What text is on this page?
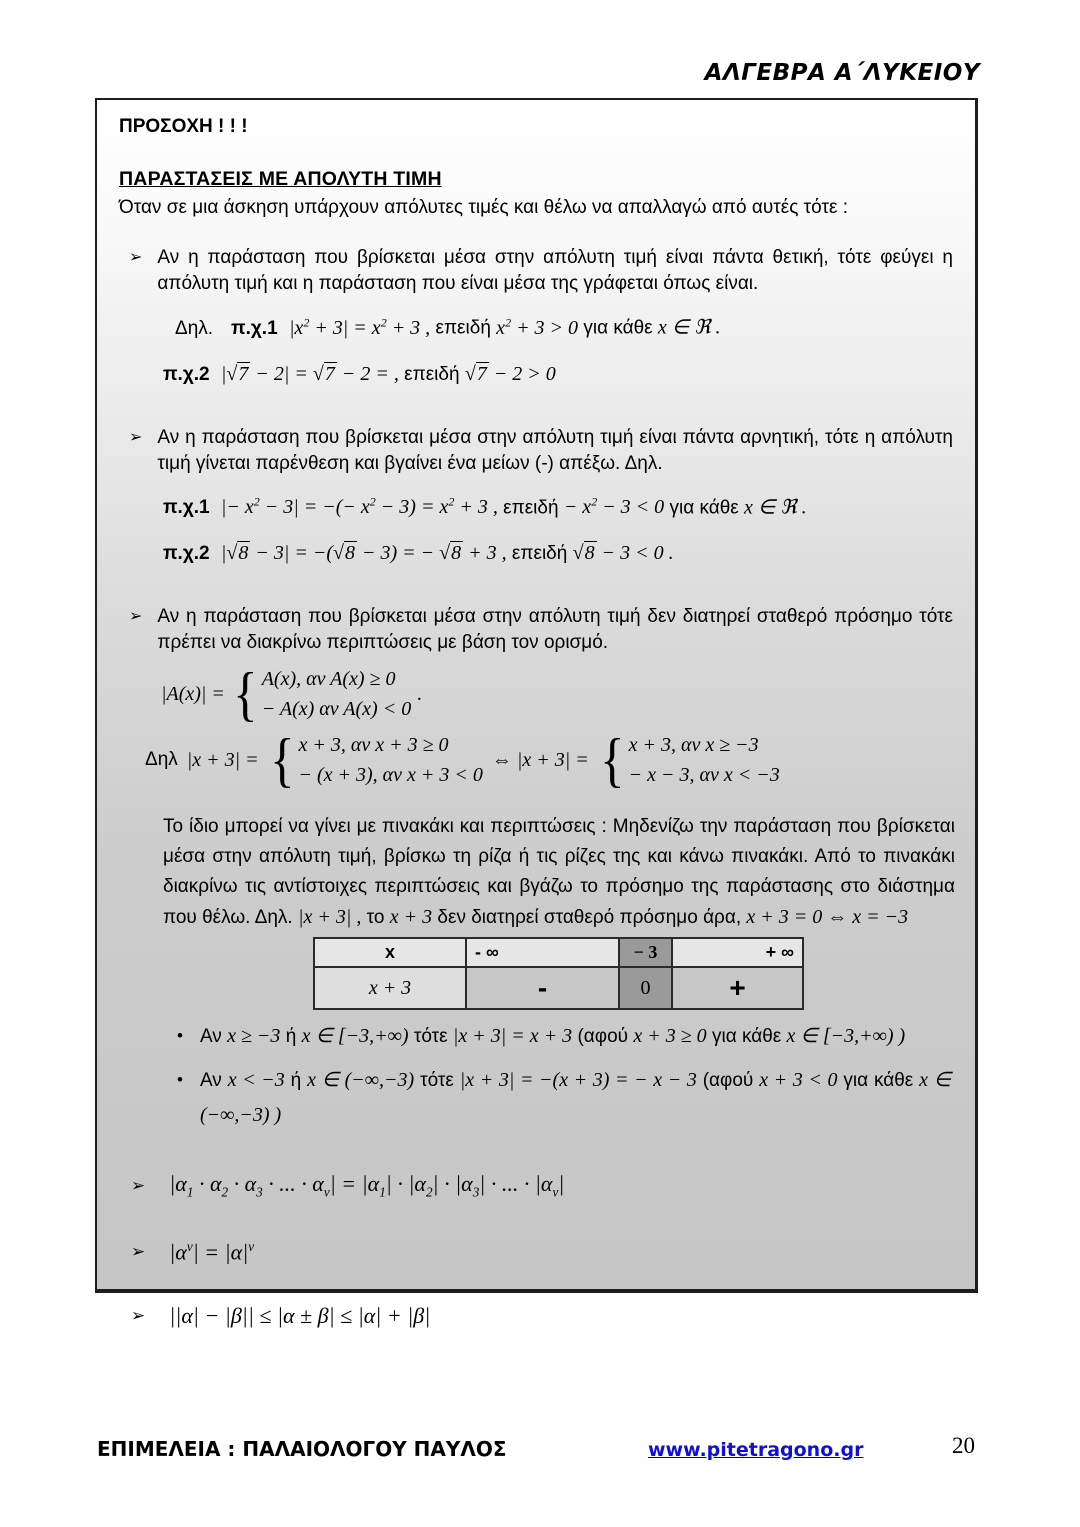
ΑΛΓΕΒΡΑ Α΄ΛΥΚΕΙΟΥ
ΠΡΟΣΟΧΗ ! ! !
ΠΑΡΑΣΤΑΣΕΙΣ ΜΕ ΑΠΟΛΥΤΗ ΤΙΜΗ
Όταν σε μια άσκηση υπάρχουν απόλυτες τιμές και θέλω να απαλλαγώ από αυτές τότε :
➢ Αν η παράσταση που βρίσκεται μέσα στην απόλυτη τιμή είναι πάντα θετική, τότε φεύγει η απόλυτη τιμή και η παράσταση που είναι μέσα της γράφεται όπως είναι.
Δηλ. π.χ.1 $|x^2 + 3| = x^2 + 3$ , επειδή $x^2 + 3 > 0$ για κάθε x ∈ ℜ .
π.χ.2 |√7 − 2| = √7 − 2 = , επειδή √7 − 2 > 0
➢ Αν η παράσταση που βρίσκεται μέσα στην απόλυτη τιμή είναι πάντα αρνητική, τότε η απόλυτη τιμή γίνεται παρένθεση και βγαίνει ένα μείων (-) απέξω. Δηλ.
π.χ.1 |− $x^2 - 3|$ = −(− $x^2 - 3) = x^2 + 3$ , $\varepsilon\pi\varepsilon\iota\delta ή - x^2 - 3 < 0$ για κάθε x ∈ ℜ .
π.χ.2 |√8 − 3| = −(√8 − 3) = − √8 + 3 , επειδή √8 − 3 < 0 .
➢ Αν η παράσταση που βρίσκεται μέσα στην απόλυτη τιμή δεν διατηρεί σταθερό πρόσημο τότε πρέπει να διακρίνω περιπτώσεις με βάση τον ορισμό.
|Α(x)| = { Α(x), αν Α(x) ≥ 0
− Α(x) αν Α(x) < 0
.
Δηλ |x + 3| = { x + 3, αν x + 3 ≥ 0
− (x + 3), αν x + 3 < 0
⇔ |x + 3| = { x + 3, αν x ≥ −3
− x − 3, αν x < −3
Το ίδιο μπορεί να γίνει με πινακάκι και περιπτώσεις : Μηδενίζω την παράσταση που βρίσκεται μέσα στην απόλυτη τιμή, βρίσκω τη ρίζα ή τις ρίζες της και κάνω πινακάκι. Από το πινακάκι διακρίνω τις αντίστοιχες περιπτώσεις και βγάζω το πρόσημο της παράστασης στο διάστημα που θέλω. Δηλ. |x + 3| , το x + 3 δεν διατηρεί σταθερό πρόσημο άρα, x + 3 = 0 ⇔ x = −3
x	- ∞	− 3	+ ∞
x + 3	-	0	+
• Αν x ≥ −3 ή x ∈ [−3,+∞) τότε |x + 3| = x + 3 (αφού x + 3 ≥ 0 για κάθε x ∈ [−3,+∞) )
• Αν x < −3 ή x ∈ (−∞,−3) τότε |x + 3| = −(x + 3) = − x − 3 (αφού x + 3 < 0 για κάθε x ∈ (−∞,−3) )
➢ $|\alpha_1 \cdot \alpha_2 \cdot \alpha_3$ · ... · $\alpha_\nu| = |\alpha_1| \cdot |\alpha_2| \cdot |\alpha_3|$ · ... · $|\alpha_\nu|$
➢ $|\alpha^\nu| = |\alpha|^\nu$
➢ ||α| − |β|| ≤ |α ± β| ≤ |α| + |β|
ΕΠΙΜΕΛΕΙΑ : ΠΑΛΑΙΟΛΟΓΟΥ ΠΑΥΛΟΣ	www.pitetragono.gr	20
